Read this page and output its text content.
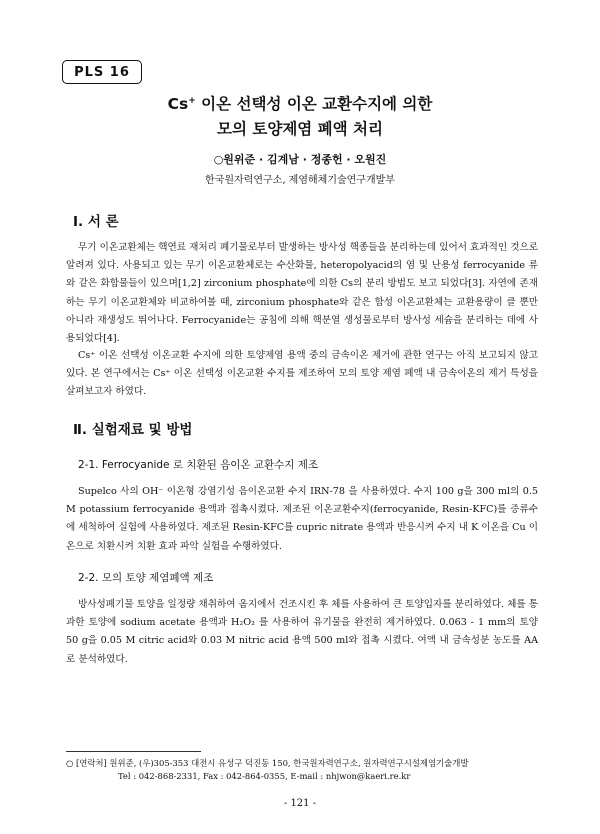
PLS 16
Cs+ 이온 선택성 이온 교환수지에 의한
모의 토양제염 폐액 처리
○원위준 · 김계남 · 정종헌 · 오원진
한국원자력연구소, 제염해체기술연구개발부
Ⅰ. 서 론
무기 이온교환체는 핵연료 재처리 폐기물로부터 발생하는 방사성 핵종들을 분리하는데 있어서 효과적인 것으로 알려져 있다. 사용되고 있는 무기 이온교환체로는 수산화물, heteropolyacid의 염 및 난용성 ferrocyanide 류와 같은 화합물들이 있으며[1,2] zirconium phosphate에 의한 Cs의 분리 방법도 보고 되었다[3]. 자연에 존재하는 무기 이온교환체와 비교하여볼 때, zirconium phosphate와 같은 합성 이온교환체는 교환용량이 클 뿐만 아니라 재생성도 뛰어나다. Ferrocyanide는 공침에 의해 핵분열 생성물로부터 방사성 세슘을 분리하는 데에 사용되었다[4].
Cs⁺ 이온 선택성 이온교환 수지에 의한 토양제염 용액 중의 금속이온 제거에 관한 연구는 아직 보고되지 않고 있다. 본 연구에서는 Cs⁺ 이온 선택성 이온교환 수지를 제조하여 모의 토양 제염 폐액 내 금속이온의 제거 특성을 살펴보고자 하였다.
Ⅱ. 실험재료 및 방법
2-1. Ferrocyanide 로 치환된 음이온 교환수지 제조
Supelco 사의 OH⁻ 이온형 강염기성 음이온교환 수지 IRN-78 을 사용하였다. 수지 100 g을 300 ml의 0.5 M potassium ferrocyanide 용액과 접촉시켰다. 제조된 이온교환수지(ferrocyanide, Resin-KFC)를 증류수에 세척하여 실험에 사용하였다. 제조된 Resin-KFC를 cupric nitrate 용액과 반응시켜 수지 내 K 이온을 Cu 이온으로 치환시켜 치환 효과 파악 실험을 수행하였다.
2-2. 모의 토양 제염폐액 제조
방사성폐기물 토양을 일정량 채취하여 옴지에서 건조시킨 후 체를 사용하여 큰 토양입자를 분리하였다. 체를 통과한 토양에 sodium acetate 용액과 H₂O₂ 를 사용하여 유기물을 완전히 제거하였다. 0.063 - 1 mm의 토양 50 g을 0.05 M citric acid와 0.03 M nitric acid 용액 500 ml와 접촉 시켰다. 여액 내 금속성분 농도를 AA로 분석하였다.
○ [연락처] 원위준, (우)305-353 대전시 유성구 덕진동 150, 한국원자력연구소, 원자력연구시설제염기술개발
Tel : 042-868-2331, Fax : 042-864-0355, E-mail : nhjwon@kaeri.re.kr
- 121 -
